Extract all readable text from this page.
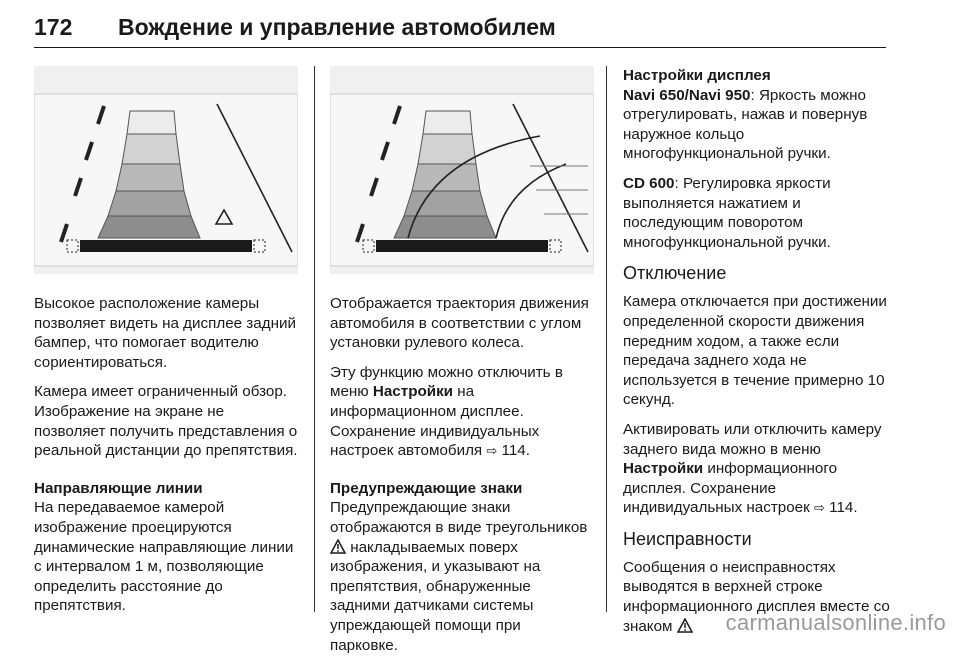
172 Вождение и управление автомобилем

Высокое расположение камеры позволяет видеть на дисплее задний бампер, что помогает водителю сориентироваться.

Камера имеет ограниченный обзор. Изображение на экране не позволяет получить представления о реальной дистанции до препятствия.

Направляющие линии

На передаваемое камерой изображение проецируются динамические направляющие линии с интервалом 1 м, позволяющие определить расстояние до препятствия.

Отображается траектория движения автомобиля в соответствии с углом установки рулевого колеса.

Эту функцию можно отключить в меню Настройки на информационном дисплее. Сохранение индивидуальных настроек автомобиля ⇨ 114.

Предупреждающие знаки

Предупреждающие знаки отображаются в виде треугольников  накладываемых поверх изображения, и указывают на препятствия, обнаруженные задними датчиками системы упреждающей помощи при парковке.

Настройки дисплея

Navi 650/Navi 950: Яркость можно отрегулировать, нажав и повернув наружное кольцо многофункциональной ручки.

CD 600: Регулировка яркости выполняется нажатием и последующим поворотом многофункциональной ручки.

Отключение

Камера отключается при достижении определенной скорости движения передним ходом, а также если передача заднего хода не используется в течение примерно 10 секунд.

Активировать или отключить камеру заднего вида можно в меню Настройки информационного дисплея. Сохранение индивидуальных настроек ⇨ 114.

Неисправности

Сообщения о неисправностях выводятся в верхней строке информационного дисплея вместе со знаком	carmanualsonline.info
